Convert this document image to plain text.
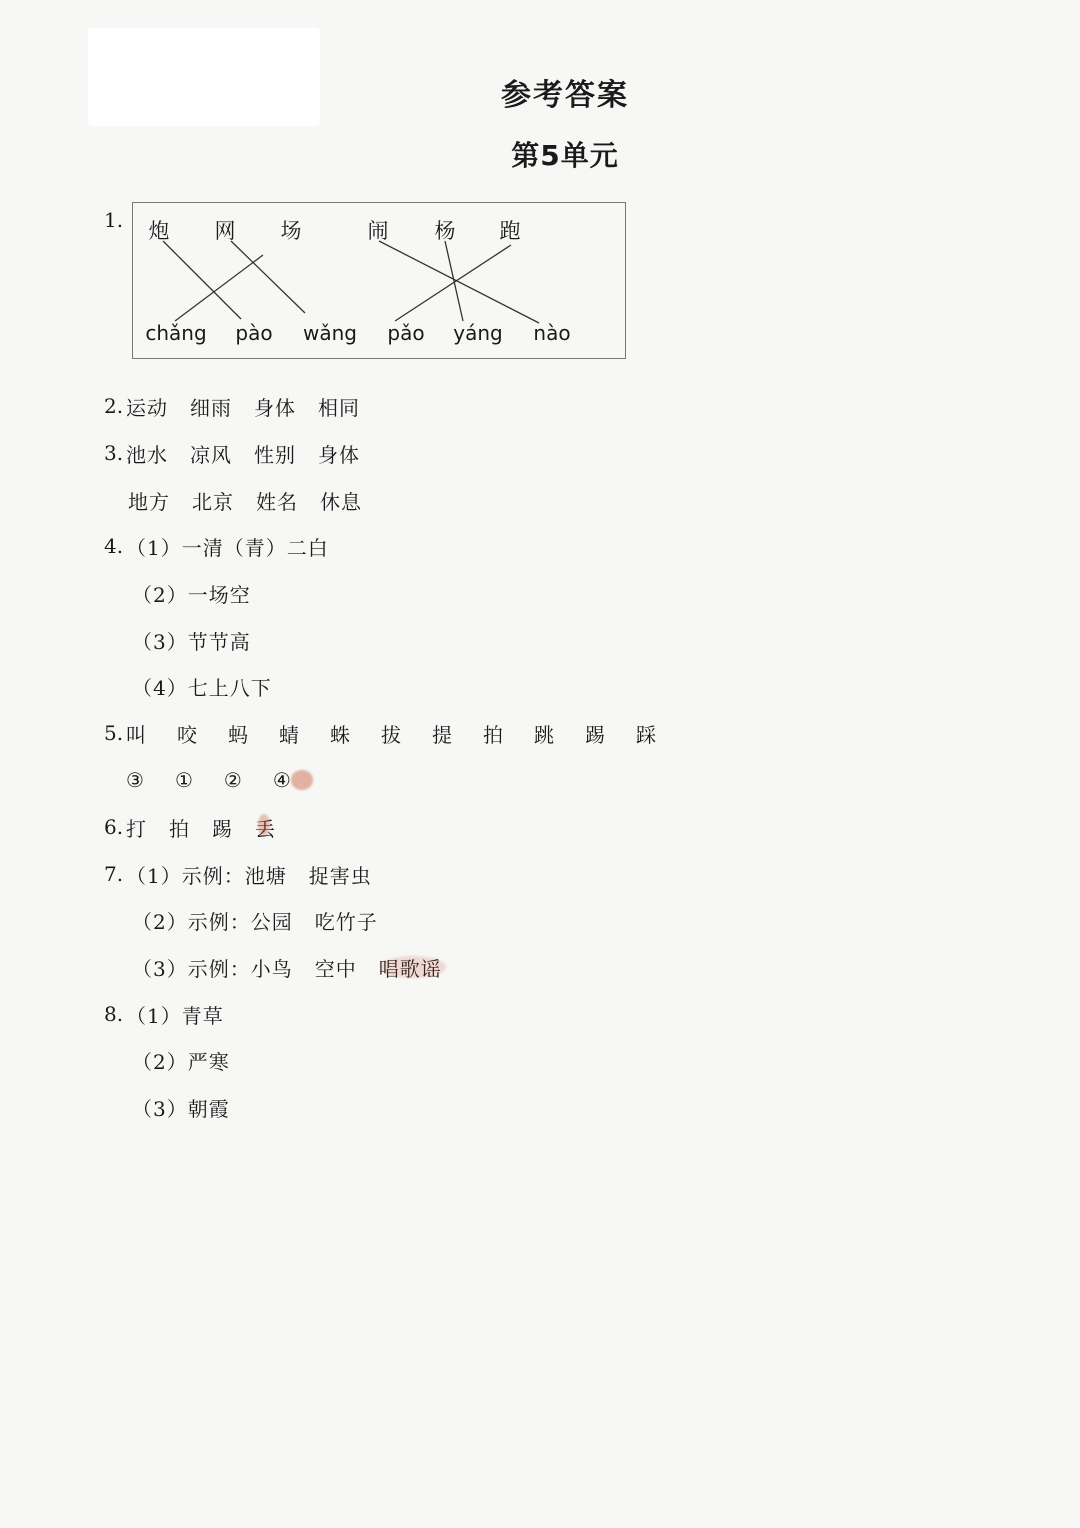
参考答案
第5单元
1. 炮 网 场	闹 杨 跑
chǎng	pào	wǎng	pǎo	yáng	nào
2. 运动 细雨 身体 相同
3. 池水 凉风 性别 身体
地方 北京 姓名 休息
4. （1）一清（青）二白
（2）一场空
（3）节节高
（4）七上八下
5. 叫 咬 蚂 蜻 蛛 拔 提 拍 跳 踢 踩
③ ① ② ④
6. 打 拍 踢 丢
7. （1）示例： 池塘 捉害虫
（2）示例： 公园 吃竹子
（3）示例： 小鸟 空中 唱歌谣
8. （1）青草
（2）严寒
（3）朝霞
